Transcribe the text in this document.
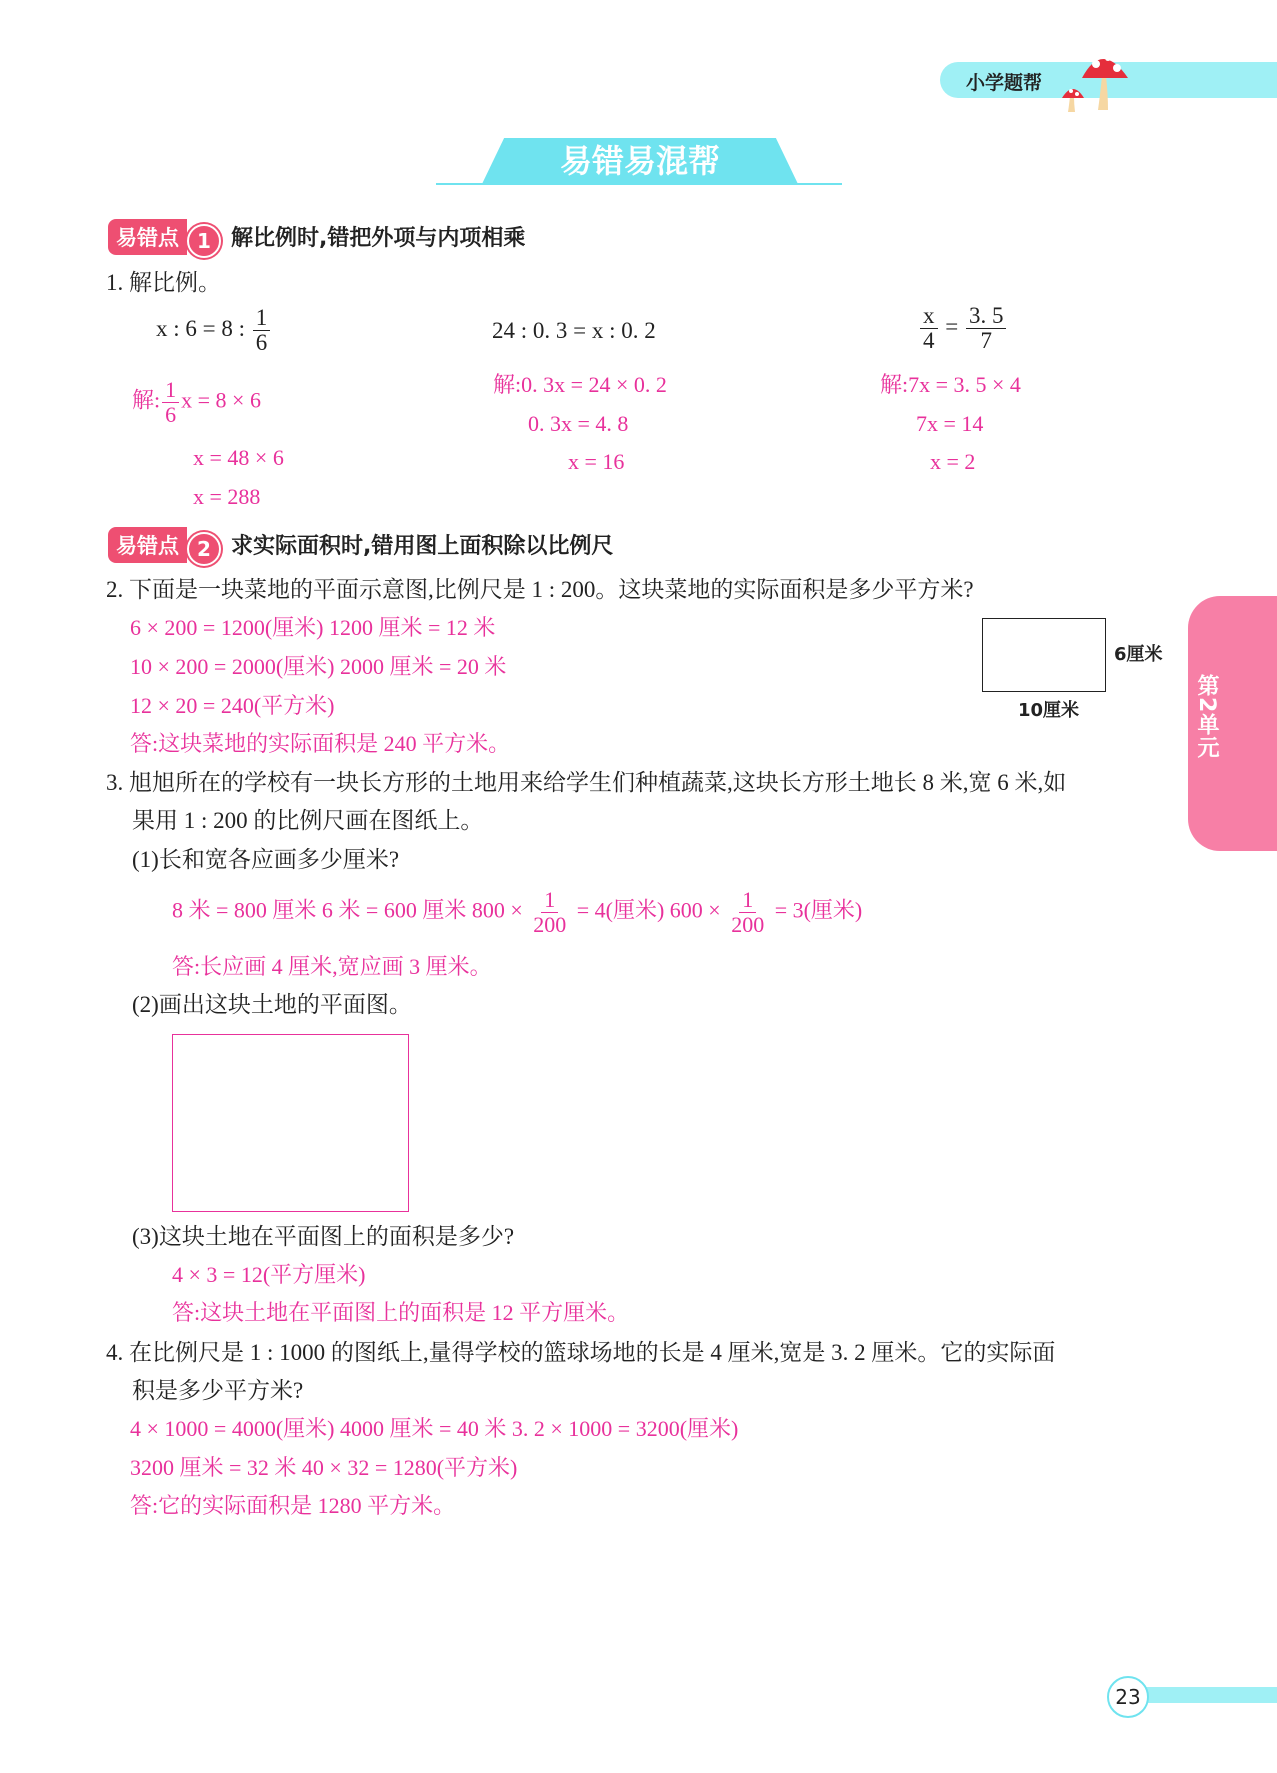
小学题帮
易错易混帮
第2单元
易错点 1 解比例时,错把外项与内项相乘
1. 解比例。
x : 6 = 8 : $\frac{1}{6}$
解: $\frac{1}{6}$ x = 8 × 6
x = 48 × 6
x = 288
24 : 0. 3 = x : 0. 2
解:0. 3x = 24 × 0. 2
0. 3x = 4. 8
x = 16
$\frac{x}{4} = \frac{3. 5}{7}$
解:7x = 3. 5 × 4
7x = 14
x = 2
易错点 2 求实际面积时,错用图上面积除以比例尺
2. 下面是一块菜地的平面示意图,比例尺是 1 : 200。这块菜地的实际面积是多少平方米?
6 × 200 = 1200(厘米) 1200 厘米 = 12 米
10 × 200 = 2000(厘米) 2000 厘米 = 20 米
12 × 20 = 240(平方米)
答:这块菜地的实际面积是 240 平方米。
6厘米
10厘米
3. 旭旭所在的学校有一块长方形的土地用来给学生们种植蔬菜,这块长方形土地长 8 米,宽 6 米,如
果用 1 : 200 的比例尺画在图纸上。
(1)长和宽各应画多少厘米?
8 米 = 800 厘米 6 米 = 600 厘米 $800 \times \frac{1}{200} = 4$(厘米) $600 \times \frac{1}{200} = 3$(厘米)
答:长应画 4 厘米,宽应画 3 厘米。
(2)画出这块土地的平面图。
(3)这块土地在平面图上的面积是多少?
4 × 3 = 12(平方厘米)
答:这块土地在平面图上的面积是 12 平方厘米。
4. 在比例尺是 1 : 1000 的图纸上,量得学校的篮球场地的长是 4 厘米,宽是 3. 2 厘米。它的实际面
积是多少平方米?
4 × 1000 = 4000(厘米) 4000 厘米 = 40 米 3. 2 × 1000 = 3200(厘米)
3200 厘米 = 32 米 40 × 32 = 1280(平方米)
答:它的实际面积是 1280 平方米。
23
